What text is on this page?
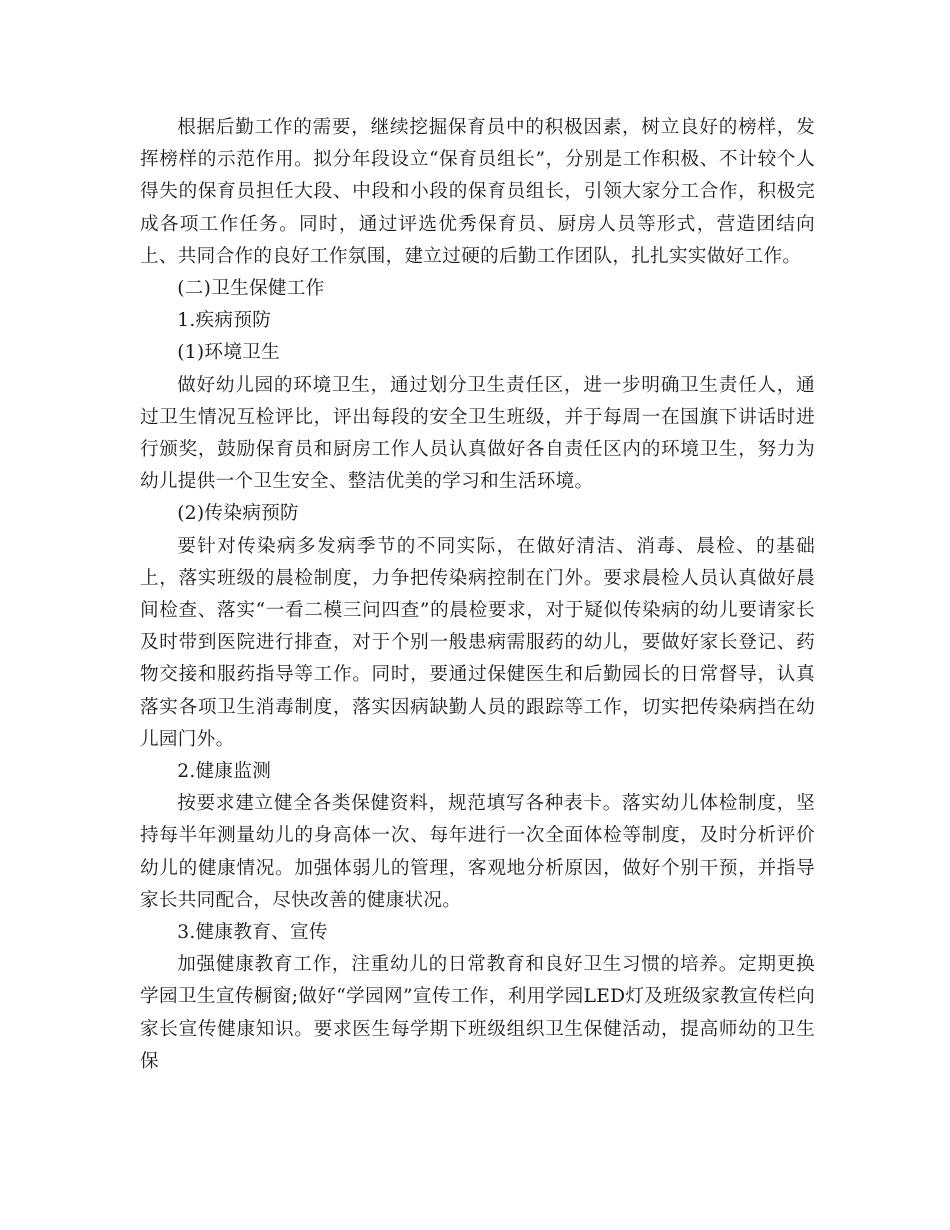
根据后勤工作的需要，继续挖掘保育员中的积极因素，树立良好的榜样，发挥榜样的示范作用。拟分年段设立“保育员组长”，分别是工作积极、不计较个人得失的保育员担任大段、中段和小段的保育员组长，引领大家分工合作，积极完成各项工作任务。同时，通过评选优秀保育员、厨房人员等形式，营造团结向上、共同合作的良好工作氛围，建立过硬的后勤工作团队，扎扎实实做好工作。

(二)卫生保健工作

1.疾病预防

(1)环境卫生

做好幼儿园的环境卫生，通过划分卫生责任区，进一步明确卫生责任人，通过卫生情况互检评比，评出每段的安全卫生班级，并于每周一在国旗下讲话时进行颁奖，鼓励保育员和厨房工作人员认真做好各自责任区内的环境卫生，努力为幼儿提供一个卫生安全、整洁优美的学习和生活环境。

(2)传染病预防

要针对传染病多发病季节的不同实际，在做好清洁、消毒、晨检、的基础上，落实班级的晨检制度，力争把传染病控制在门外。要求晨检人员认真做好晨间检查、落实“一看二模三问四查”的晨检要求，对于疑似传染病的幼儿要请家长及时带到医院进行排查，对于个别一般患病需服药的幼儿，要做好家长登记、药物交接和服药指导等工作。同时，要通过保健医生和后勤园长的日常督导，认真落实各项卫生消毒制度，落实因病缺勤人员的跟踪等工作，切实把传染病挡在幼儿园门外。

2.健康监测

按要求建立健全各类保健资料，规范填写各种表卡。落实幼儿体检制度，坚持每半年测量幼儿的身高体一次、每年进行一次全面体检等制度，及时分析评价幼儿的健康情况。加强体弱儿的管理，客观地分析原因，做好个别干预，并指导家长共同配合，尽快改善的健康状况。

3.健康教育、宣传

加强健康教育工作，注重幼儿的日常教育和良好卫生习惯的培养。定期更换学园卫生宣传橱窗;做好“学园网”宣传工作，利用学园LED灯及班级家教宣传栏向家长宣传健康知识。要求医生每学期下班级组织卫生保健活动，提高师幼的卫生保
